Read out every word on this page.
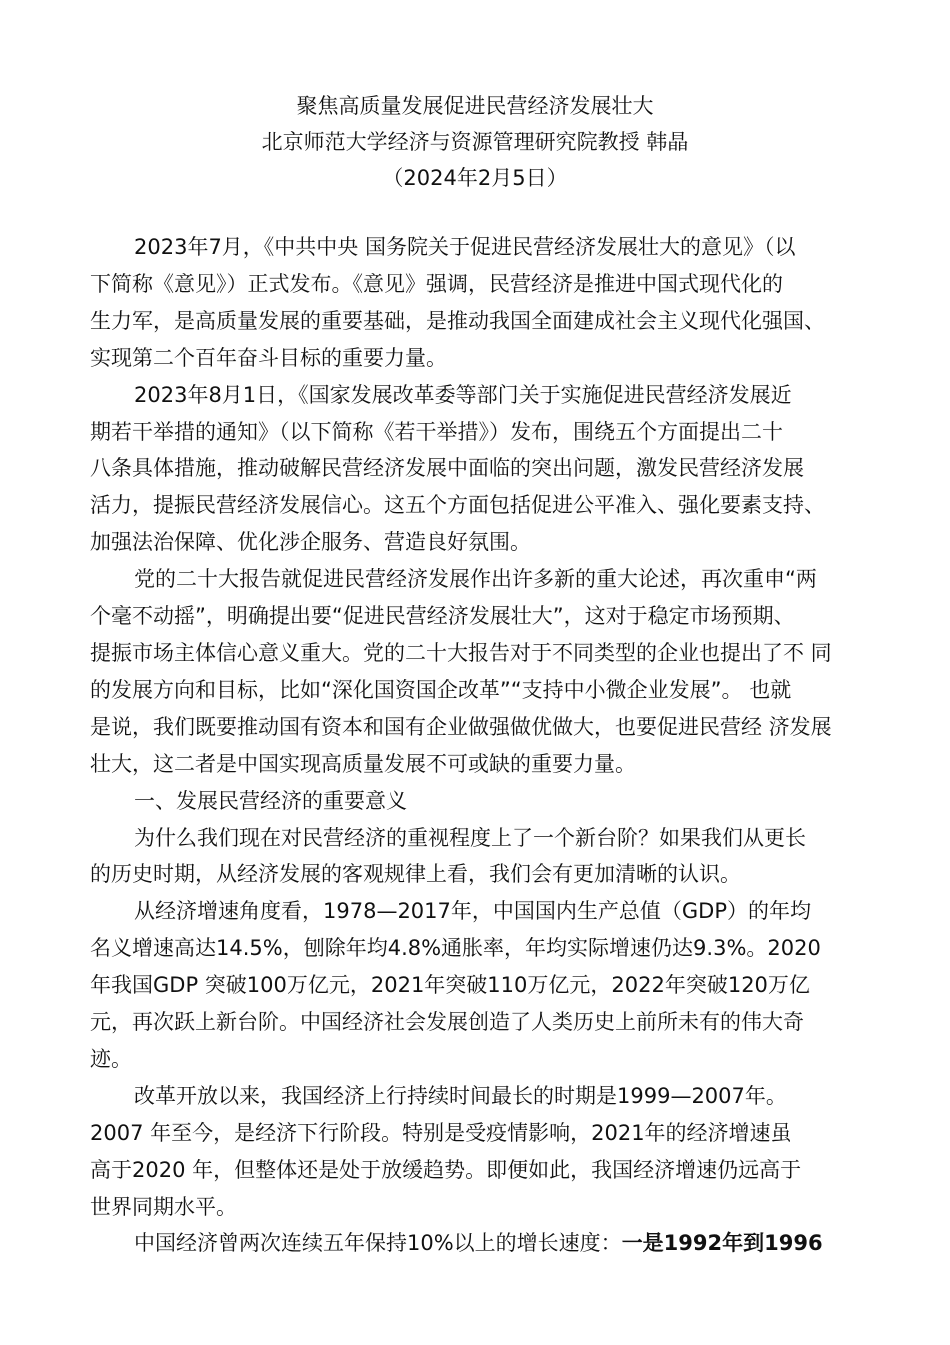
聚焦高质量发展促进民营经济发展壮大
北京师范大学经济与资源管理研究院教授 韩晶
（2024年2月5日）
2023年7月，《中共中央 国务院关于促进民营经济发展壮大的意见》（以
下简称《意见》）正式发布。《意见》强调，民营经济是推进中国式现代化的
生力军，是高质量发展的重要基础，是推动我国全面建成社会主义现代化强国、
实现第二个百年奋斗目标的重要力量。
2023年8月1日，《国家发展改革委等部门关于实施促进民营经济发展近
期若干举措的通知》（以下简称《若干举措》）发布，围绕五个方面提出二十
八条具体措施，推动破解民营经济发展中面临的突出问题，激发民营经济发展
活力，提振民营经济发展信心。这五个方面包括促进公平准入、强化要素支持、
加强法治保障、优化涉企服务、营造良好氛围。
党的二十大报告就促进民营经济发展作出许多新的重大论述，再次重申“两
个毫不动摇”，明确提出要“促进民营经济发展壮大”，这对于稳定市场预期、
提振市场主体信心意义重大。党的二十大报告对于不同类型的企业也提出了不 同
的发展方向和目标，比如“深化国资国企改革”“支持中小微企业发展”。 也就
是说，我们既要推动国有资本和国有企业做强做优做大，也要促进民营经 济发展
壮大，这二者是中国实现高质量发展不可或缺的重要力量。
一、发展民营经济的重要意义
为什么我们现在对民营经济的重视程度上了一个新台阶？如果我们从更长
的历史时期，从经济发展的客观规律上看，我们会有更加清晰的认识。
从经济增速角度看，1978—2017年，中国国内生产总值（GDP）的年均
名义增速高达14.5%，刨除年均4.8%通胀率，年均实际增速仍达9.3%。2020
年我国GDP 突破100万亿元，2021年突破110万亿元，2022年突破120万亿
元，再次跃上新台阶。中国经济社会发展创造了人类历史上前所未有的伟大奇
迹。
改革开放以来，我国经济上行持续时间最长的时期是1999—2007年。
2007 年至今，是经济下行阶段。特别是受疫情影响，2021年的经济增速虽
高于2020 年，但整体还是处于放缓趋势。即便如此，我国经济增速仍远高于
世界同期水平。
中国经济曾两次连续五年保持10%以上的增长速度：一是1992年到1996
